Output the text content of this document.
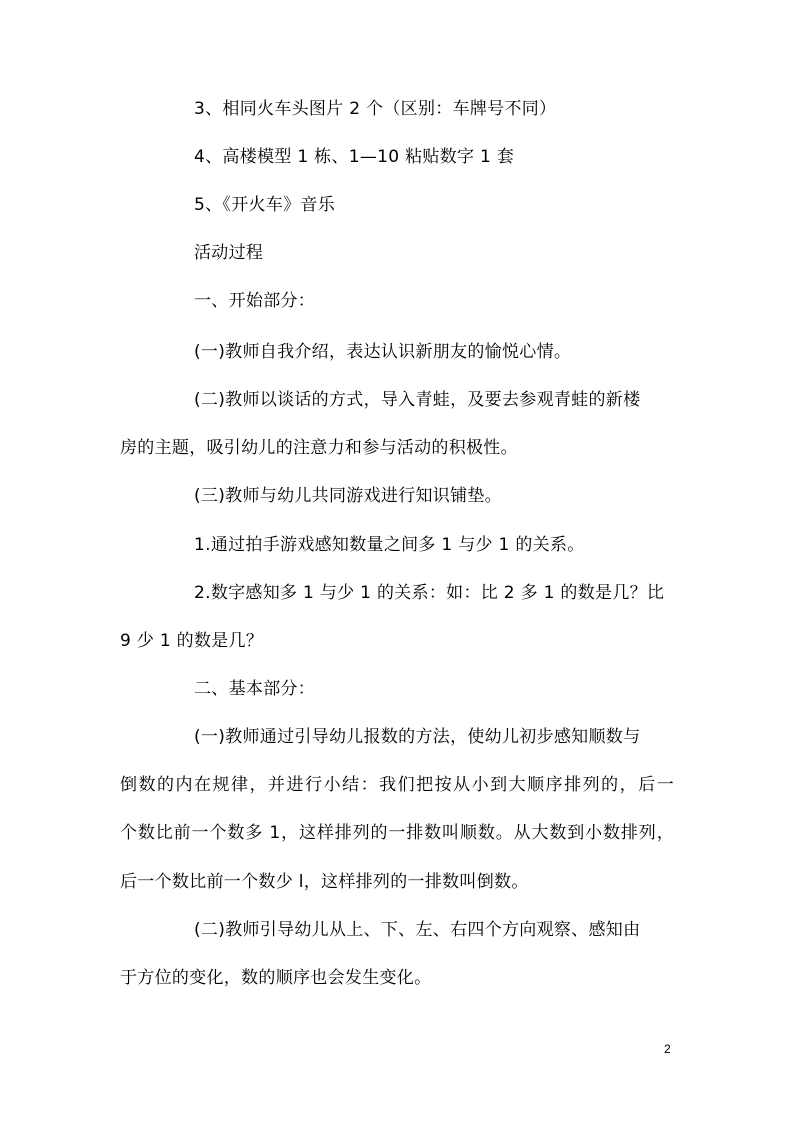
3、相同火车头图片 2 个（区别：车牌号不同）
4、高楼模型 1 栋、1—10 粘贴数字 1 套
5、《开火车》音乐
活动过程
一、开始部分：
(一)教师自我介绍，表达认识新朋友的愉悦心情。
(二)教师以谈话的方式，导入青蛙，及要去参观青蛙的新楼
房的主题，吸引幼儿的注意力和参与活动的积极性。
(三)教师与幼儿共同游戏进行知识铺垫。
1.通过拍手游戏感知数量之间多 1 与少 1 的关系。
2.数字感知多 1 与少 1 的关系：如：比 2 多 1 的数是几？比
9 少 1 的数是几？
二、基本部分：
(一)教师通过引导幼儿报数的方法，使幼儿初步感知顺数与
倒数的内在规律，并进行小结：我们把按从小到大顺序排列的，后一
个数比前一个数多 1，这样排列的一排数叫顺数。从大数到小数排列，
后一个数比前一个数少 l，这样排列的一排数叫倒数。
(二)教师引导幼儿从上、下、左、右四个方向观察、感知由
于方位的变化，数的顺序也会发生变化。
2
